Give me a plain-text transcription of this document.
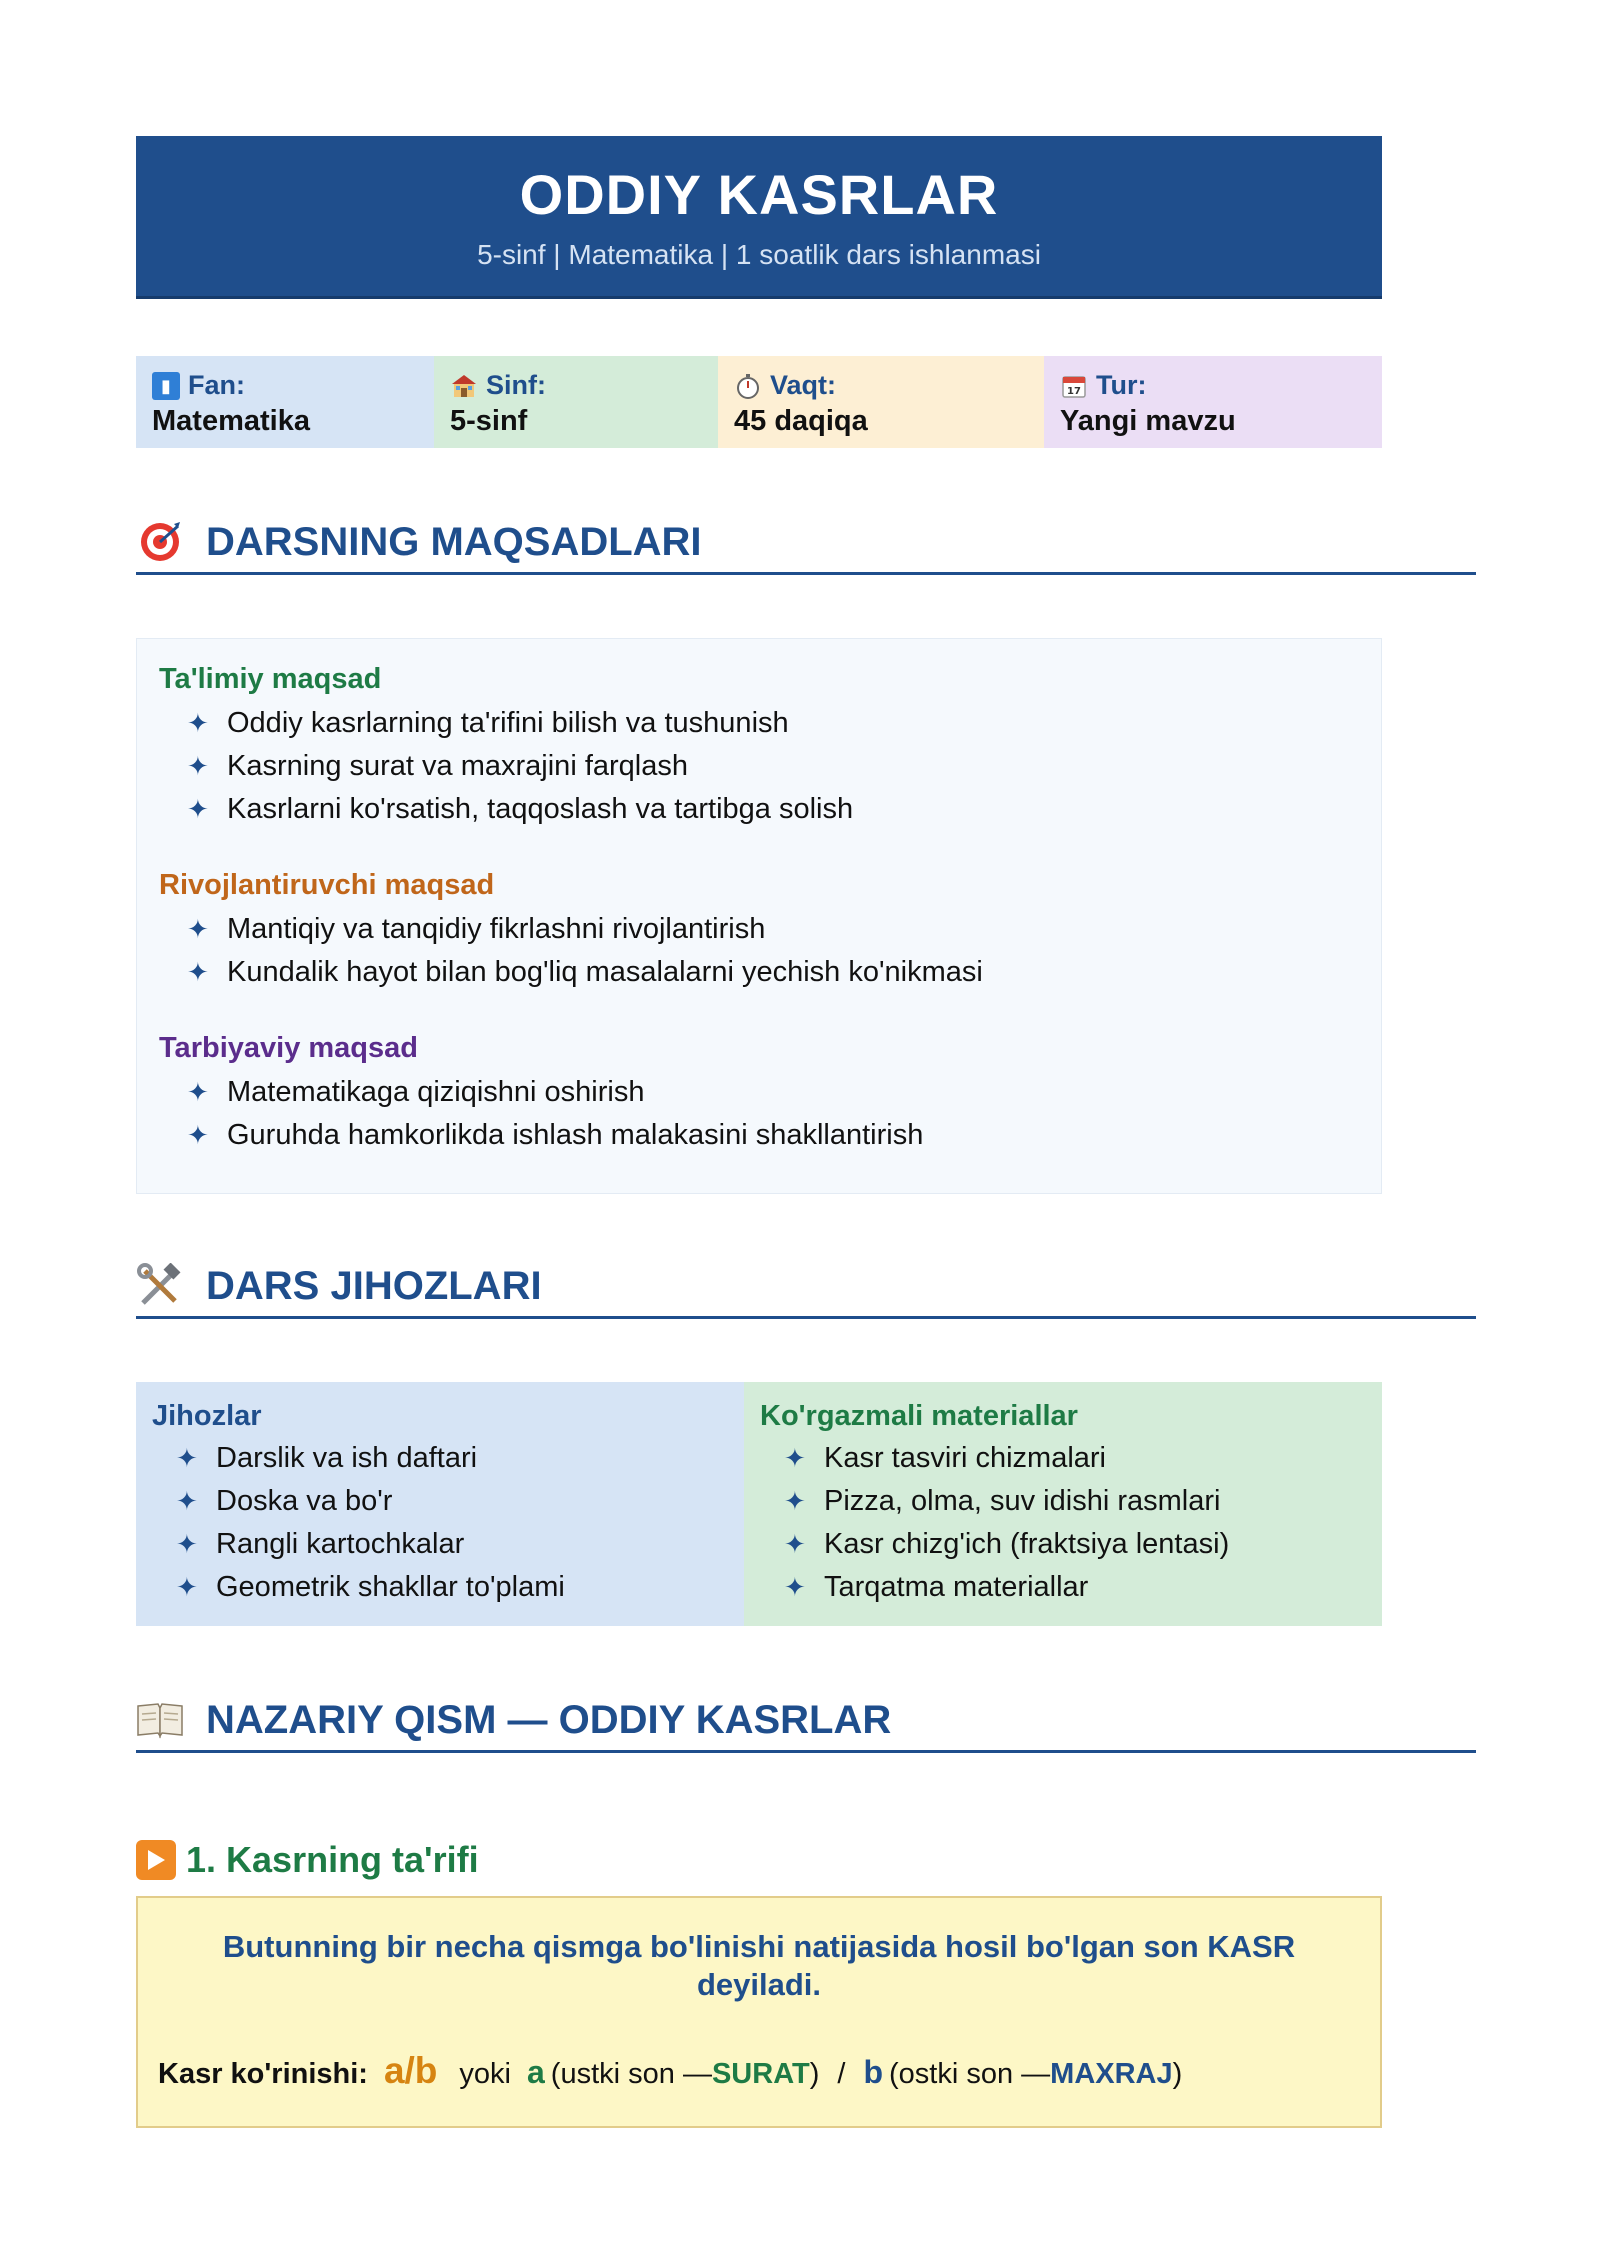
ODDIY KASRLAR
5-sinf | Matematika | 1 soatlik dars ishlanmasi
▮ Fan:
Matematika
Sinf:
5-sinf
Vaqt:
45 daqiqa
17 Tur:
Yangi mavzu
DARSNING MAQSADLARI
Ta'limiy maqsad
✦ Oddiy kasrlarning ta'rifini bilish va tushunish
✦ Kasrning surat va maxrajini farqlash
✦ Kasrlarni ko'rsatish, taqqoslash va tartibga solish
Rivojlantiruvchi maqsad
✦ Mantiqiy va tanqidiy fikrlashni rivojlantirish
✦ Kundalik hayot bilan bog'liq masalalarni yechish ko'nikmasi
Tarbiyaviy maqsad
✦ Matematikaga qiziqishni oshirish
✦ Guruhda hamkorlikda ishlash malakasini shakllantirish
DARS JIHOZLARI
Jihozlar
✦ Darslik va ish daftari
✦ Doska va bo'r
✦ Rangli kartochkalar
✦ Geometrik shakllar to'plami
Ko'rgazmali materiallar
✦ Kasr tasviri chizmalari
✦ Pizza, olma, suv idishi rasmlari
✦ Kasr chizg'ich (fraktsiya lentasi)
✦ Tarqatma materiallar
NAZARIY QISM — ODDIY KASRLAR
1. Kasrning ta'rifi
Butunning bir necha qismga bo'linishi natijasida hosil bo'lgan son KASR deyiladi.
Kasr ko'rinishi: a/b yoki a (ustki son — SURAT ) / b (ostki son — MAXRAJ )
